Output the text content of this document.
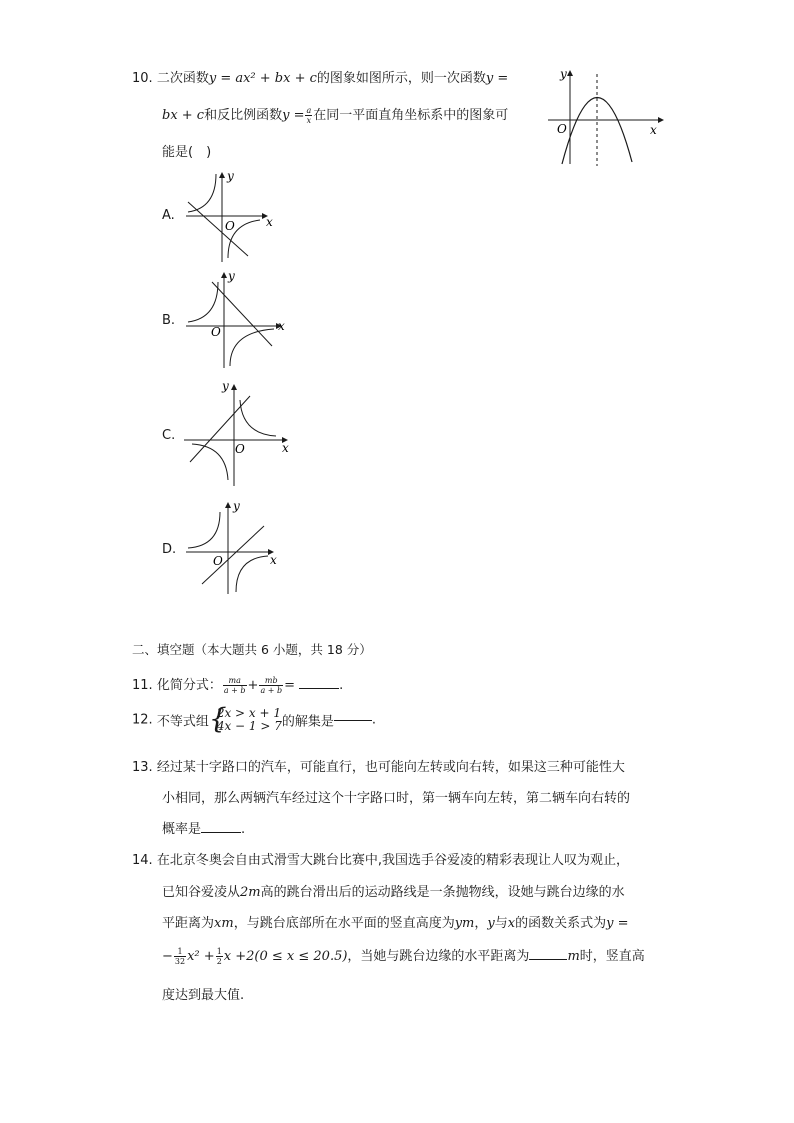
10. 二次函数y = ax² + bx + c的图象如图所示，则一次函数y =
bx + c和反比例函数$y = \frac{a}{x}$ 在同一平面直角坐标系中的图象可
能是(　)
y
x
O
A.
y
x
O
B.
y
x
O
C.
y
x
O
D.
y
x
O
二、填空题（本大题共 6 小题，共 18 分）
11. 化简分式： $\frac{ma}{a + b} + \frac{mb}{a + b}$ =	.
12. 不等式组 {
2x > x + 1
4x − 1 > 7 的解集是	.
13. 经过某十字路口的汽车，可能直行，也可能向左转或向右转，如果这三种可能性大
小相同，那么两辆汽车经过这个十字路口时，第一辆车向左转，第二辆车向右转的
概率是	.
14. 在北京冬奥会自由式滑雪大跳台比赛中,我国选手谷爱凌的精彩表现让人叹为观止，
已知谷爱凌从2m高的跳台滑出后的运动路线是一条抛物线，设她与跳台边缘的水
平距离为xm，与跳台底部所在水平面的竖直高度为ym，y与x的函数关系式为y =
− $\frac{1}{32} x^2 + \frac{1}{2}$ x +2(0 ≤ x ≤ 20.5)，当她与跳台边缘的水平距离为	m时，竖直高
度达到最大值.
